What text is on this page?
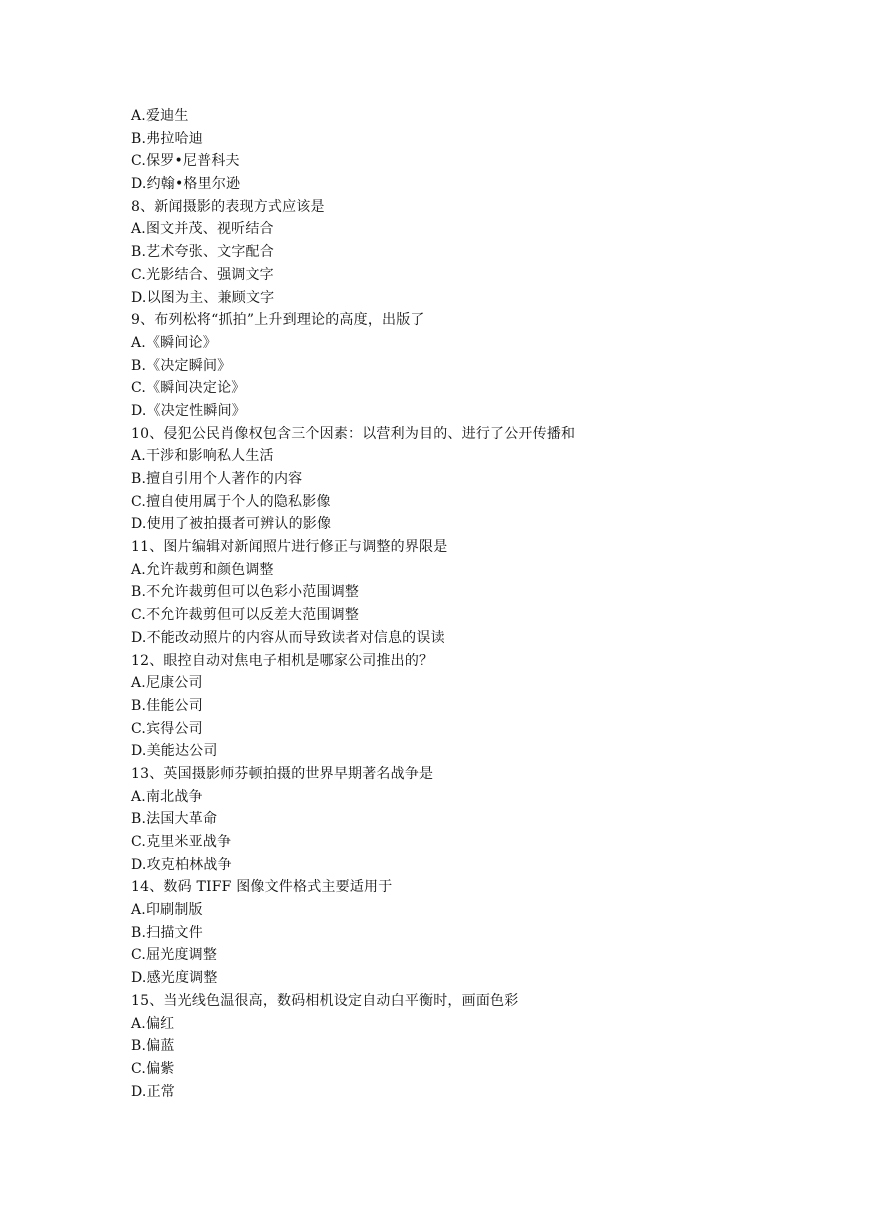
A.爱迪生
B.弗拉哈迪
C.保罗•尼普科夫
D.约翰•格里尔逊
8、新闻摄影的表现方式应该是
A.图文并茂、视听结合
B.艺术夸张、文字配合
C.光影结合、强调文字
D.以图为主、兼顾文字
9、布列松将“抓拍”上升到理论的高度，出版了
A.《瞬间论》
B.《决定瞬间》
C.《瞬间决定论》
D.《决定性瞬间》
10、侵犯公民肖像权包含三个因素：以营利为目的、进行了公开传播和
A.干涉和影响私人生活
B.擅自引用个人著作的内容
C.擅自使用属于个人的隐私影像
D.使用了被拍摄者可辨认的影像
11、图片编辑对新闻照片进行修正与调整的界限是
A.允许裁剪和颜色调整
B.不允许裁剪但可以色彩小范围调整
C.不允许裁剪但可以反差大范围调整
D.不能改动照片的内容从而导致读者对信息的误读
12、眼控自动对焦电子相机是哪家公司推出的？
A.尼康公司
B.佳能公司
C.宾得公司
D.美能达公司
13、英国摄影师芬顿拍摄的世界早期著名战争是
A.南北战争
B.法国大革命
C.克里米亚战争
D.攻克柏林战争
14、数码 TIFF 图像文件格式主要适用于
A.印刷制版
B.扫描文件
C.屈光度调整
D.感光度调整
15、当光线色温很高，数码相机设定自动白平衡时，画面色彩
A.偏红
B.偏蓝
C.偏紫
D.正常
